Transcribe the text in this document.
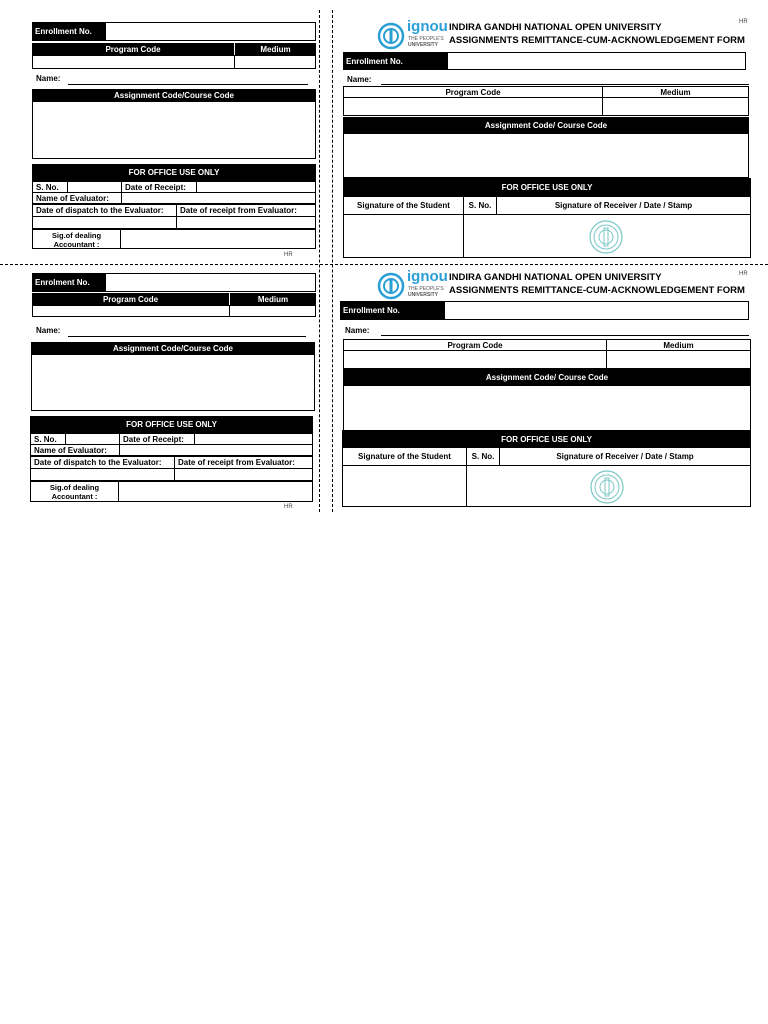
Enrollment No.
Program Code	Medium
Name:
Assignment Code/Course Code
FOR OFFICE USE ONLY
S. No.	Date of Receipt:
Name of Evaluator:
Date of dispatch to the Evaluator:	Date of receipt from Evaluator:
Sig.of dealing Accountant :
HR
ignou
THE PEOPLE'S
UNIVERSITY
INDIRA GANDHI NATIONAL OPEN UNIVERSITY
ASSIGNMENTS REMITTANCE-CUM-ACKNOWLEDGEMENT FORM
HR
Enrollment No.
Name:
Program Code	Medium
Assignment Code/ Course Code
FOR OFFICE USE ONLY
Signature of the Student	S. No.	Signature of Receiver / Date / Stamp
Enrolment No.
Program Code	Medium
Name:
Assignment Code/Course Code
FOR OFFICE USE ONLY
S. No.	Date of Receipt:
Name of Evaluator:
Date of dispatch to the Evaluator:	Date of receipt from Evaluator:
Sig.of dealing Accountant :
HR
ignou
THE PEOPLE'S
UNIVERSITY
INDIRA GANDHI NATIONAL OPEN UNIVERSITY
ASSIGNMENTS REMITTANCE-CUM-ACKNOWLEDGEMENT FORM
HR
Enrollment No.
Name:
Program Code	Medium
Assignment Code/ Course Code
FOR OFFICE USE ONLY
Signature of the Student	S. No.	Signature of Receiver / Date / Stamp
